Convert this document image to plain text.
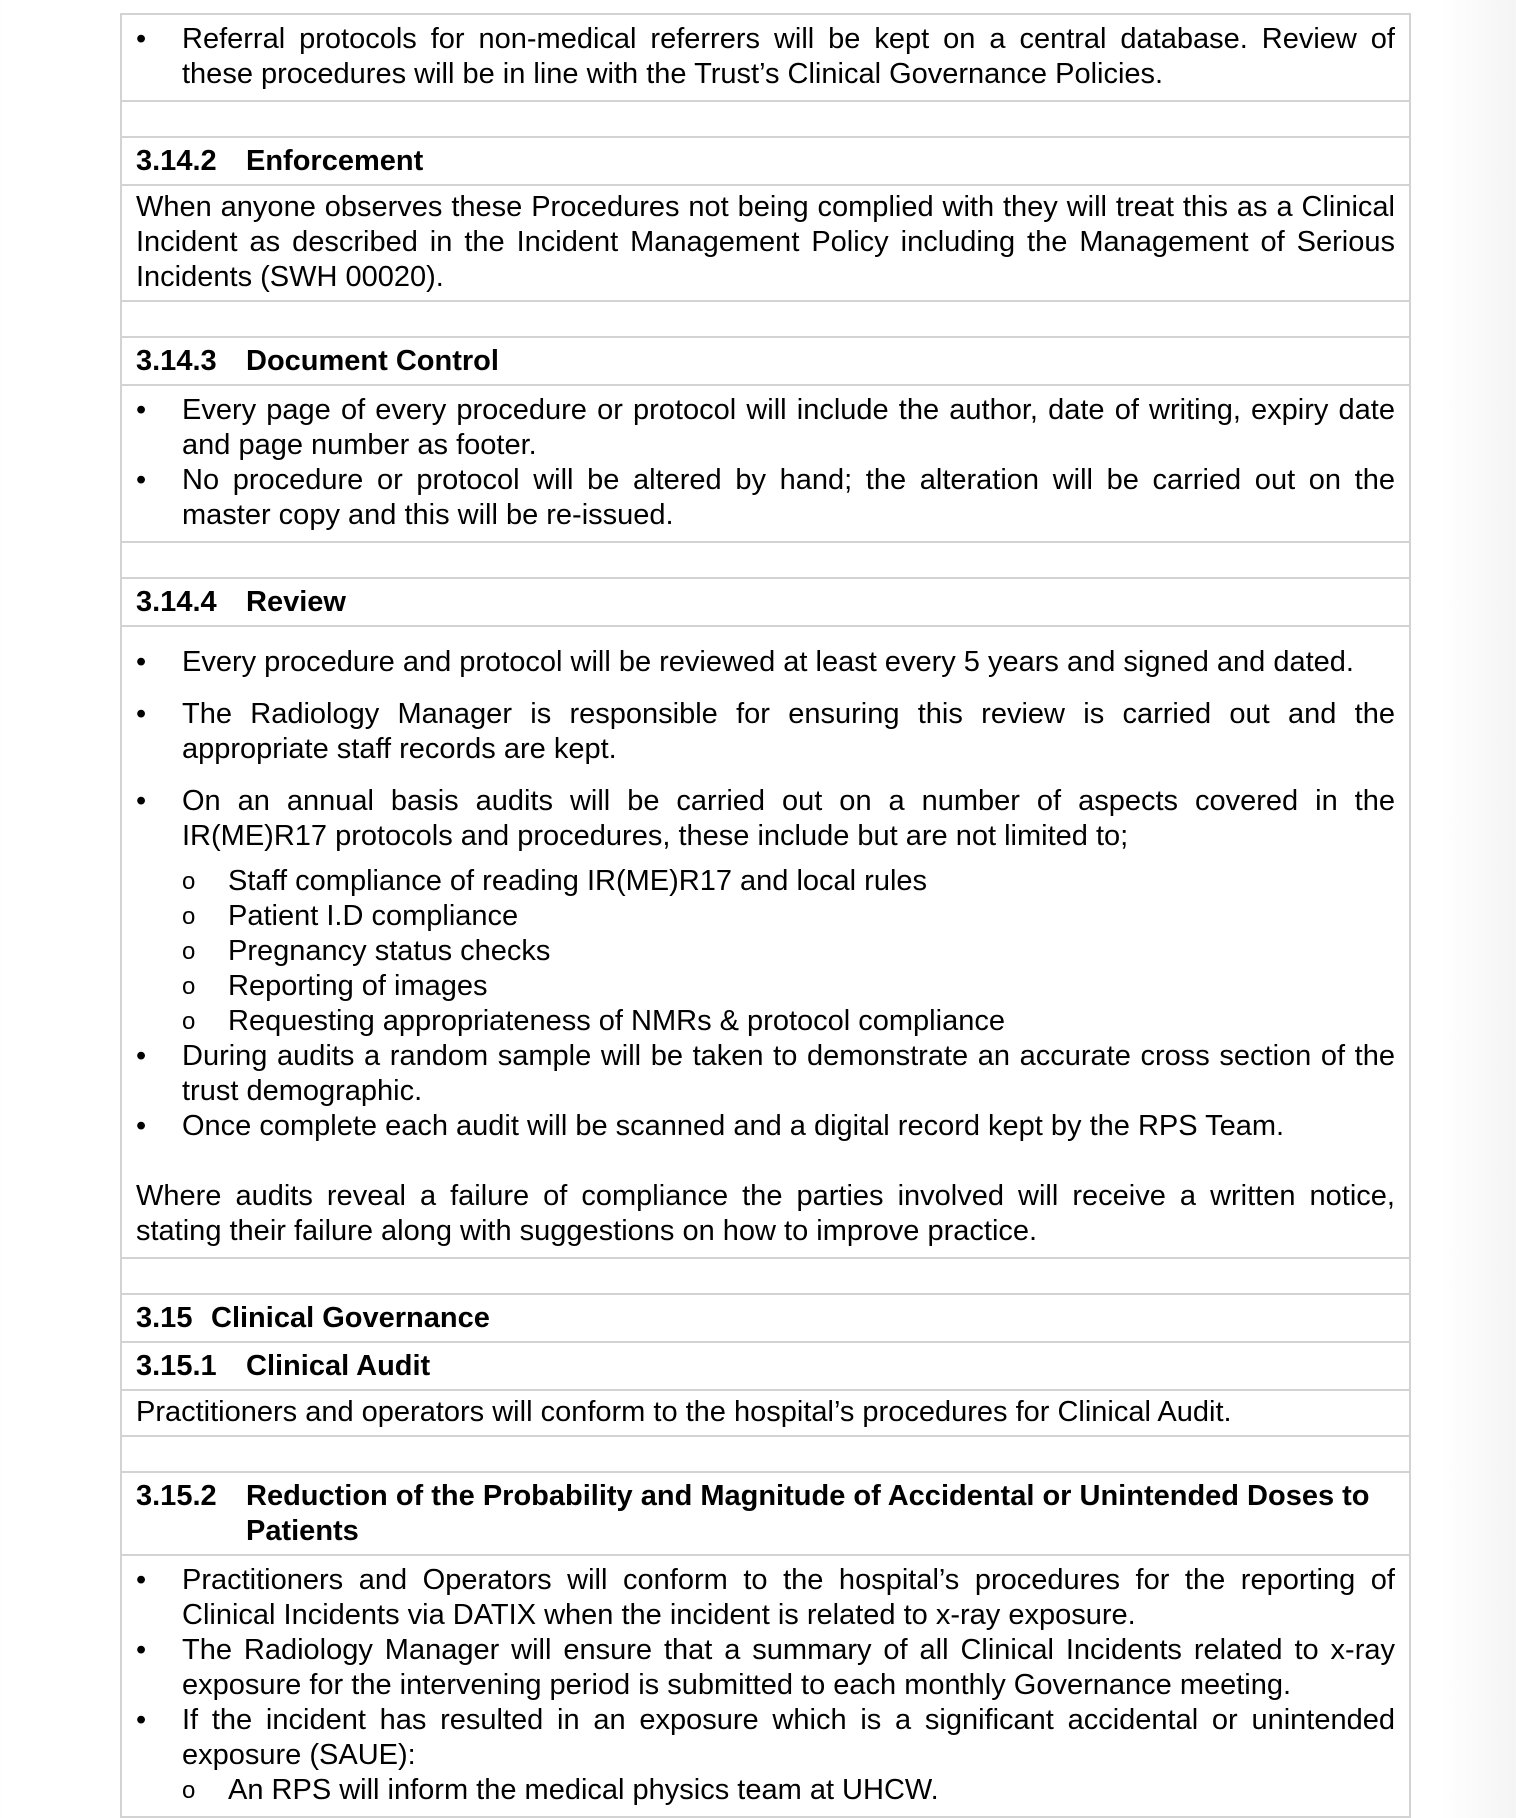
• Referral protocols for non-medical referrers will be kept on a central database. Review of these procedures will be in line with the Trust’s Clinical Governance Policies.
3.14.2 Enforcement
When anyone observes these Procedures not being complied with they will treat this as a Clinical Incident as described in the Incident Management Policy including the Management of Serious Incidents (SWH 00020).
3.14.3 Document Control
• Every page of every procedure or protocol will include the author, date of writing, expiry date and page number as footer.
• No procedure or protocol will be altered by hand; the alteration will be carried out on the master copy and this will be re-issued.
3.14.4 Review
• Every procedure and protocol will be reviewed at least every 5 years and signed and dated.
• The Radiology Manager is responsible for ensuring this review is carried out and the appropriate staff records are kept.
• On an annual basis audits will be carried out on a number of aspects covered in the IR(ME)R17 protocols and procedures, these include but are not limited to;
o Staff compliance of reading IR(ME)R17 and local rules
o Patient I.D compliance
o Pregnancy status checks
o Reporting of images
o Requesting appropriateness of NMRs & protocol compliance
• During audits a random sample will be taken to demonstrate an accurate cross section of the trust demographic.
• Once complete each audit will be scanned and a digital record kept by the RPS Team.
Where audits reveal a failure of compliance the parties involved will receive a written notice, stating their failure along with suggestions on how to improve practice.
3.15 Clinical Governance
3.15.1 Clinical Audit
Practitioners and operators will conform to the hospital’s procedures for Clinical Audit.
3.15.2 Reduction of the Probability and Magnitude of Accidental or Unintended Doses to Patients
• Practitioners and Operators will conform to the hospital’s procedures for the reporting of Clinical Incidents via DATIX when the incident is related to x-ray exposure.
• The Radiology Manager will ensure that a summary of all Clinical Incidents related to x-ray exposure for the intervening period is submitted to each monthly Governance meeting.
• If the incident has resulted in an exposure which is a significant accidental or unintended exposure (SAUE):
o An RPS will inform the medical physics team at UHCW.
